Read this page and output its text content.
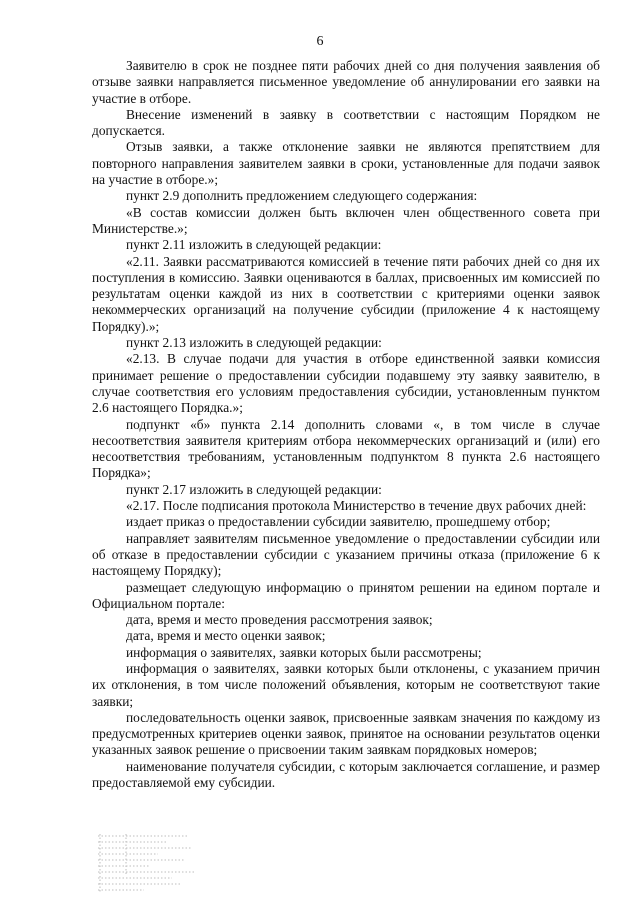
6

Заявителю в срок не позднее пяти рабочих дней со дня получения заявления об отзыве заявки направляется письменное уведомление об аннулировании его заявки на участие в отборе.

Внесение изменений в заявку в соответствии с настоящим Порядком не допускается.

Отзыв заявки, а также отклонение заявки не являются препятствием для повторного направления заявителем заявки в сроки, установленные для подачи заявок на участие в отборе.»;

пункт 2.9 дополнить предложением следующего содержания:

«В состав комиссии должен быть включен член общественного совета при Министерстве.»;

пункт 2.11 изложить в следующей редакции:

«2.11. Заявки рассматриваются комиссией в течение пяти рабочих дней со дня их поступления в комиссию. Заявки оцениваются в баллах, присвоенных им комиссией по результатам оценки каждой из них в соответствии с критериями оценки заявок некоммерческих организаций на получение субсидии (приложение 4 к настоящему Порядку).»;

пункт 2.13 изложить в следующей редакции:

«2.13. В случае подачи для участия в отборе единственной заявки комиссия принимает решение о предоставлении субсидии подавшему эту заявку заявителю, в случае соответствия его условиям предоставления субсидии, установленным пунктом 2.6 настоящего Порядка.»;

подпункт «б» пункта 2.14 дополнить словами «, в том числе в случае несоответствия заявителя критериям отбора некоммерческих организаций и (или) его несоответствия требованиям, установленным подпунктом 8 пункта 2.6 настоящего Порядка»;

пункт 2.17 изложить в следующей редакции:

«2.17. После подписания протокола Министерство в течение двух рабочих дней:

издает приказ о предоставлении субсидии заявителю, прошедшему отбор;

направляет заявителям письменное уведомление о предоставлении субсидии или об отказе в предоставлении субсидии с указанием причины отказа (приложение 6 к настоящему Порядку);

размещает следующую информацию о принятом решении на едином портале и Официальном портале:

дата, время и место проведения рассмотрения заявок;

дата, время и место оценки заявок;

информация о заявителях, заявки которых были рассмотрены;

информация о заявителях, заявки которых были отклонены, с указанием причин их отклонения, в том числе положений объявления, которым не соответствуют такие заявки;

последовательность оценки заявок, присвоенные заявкам значения по каждому из предусмотренных критериев оценки заявок, принятое на основании результатов оценки указанных заявок решение о присвоении таким заявкам порядковых номеров;

наименование получателя субсидии, с которым заключается соглашение, и размер предоставляемой ему субсидии.
